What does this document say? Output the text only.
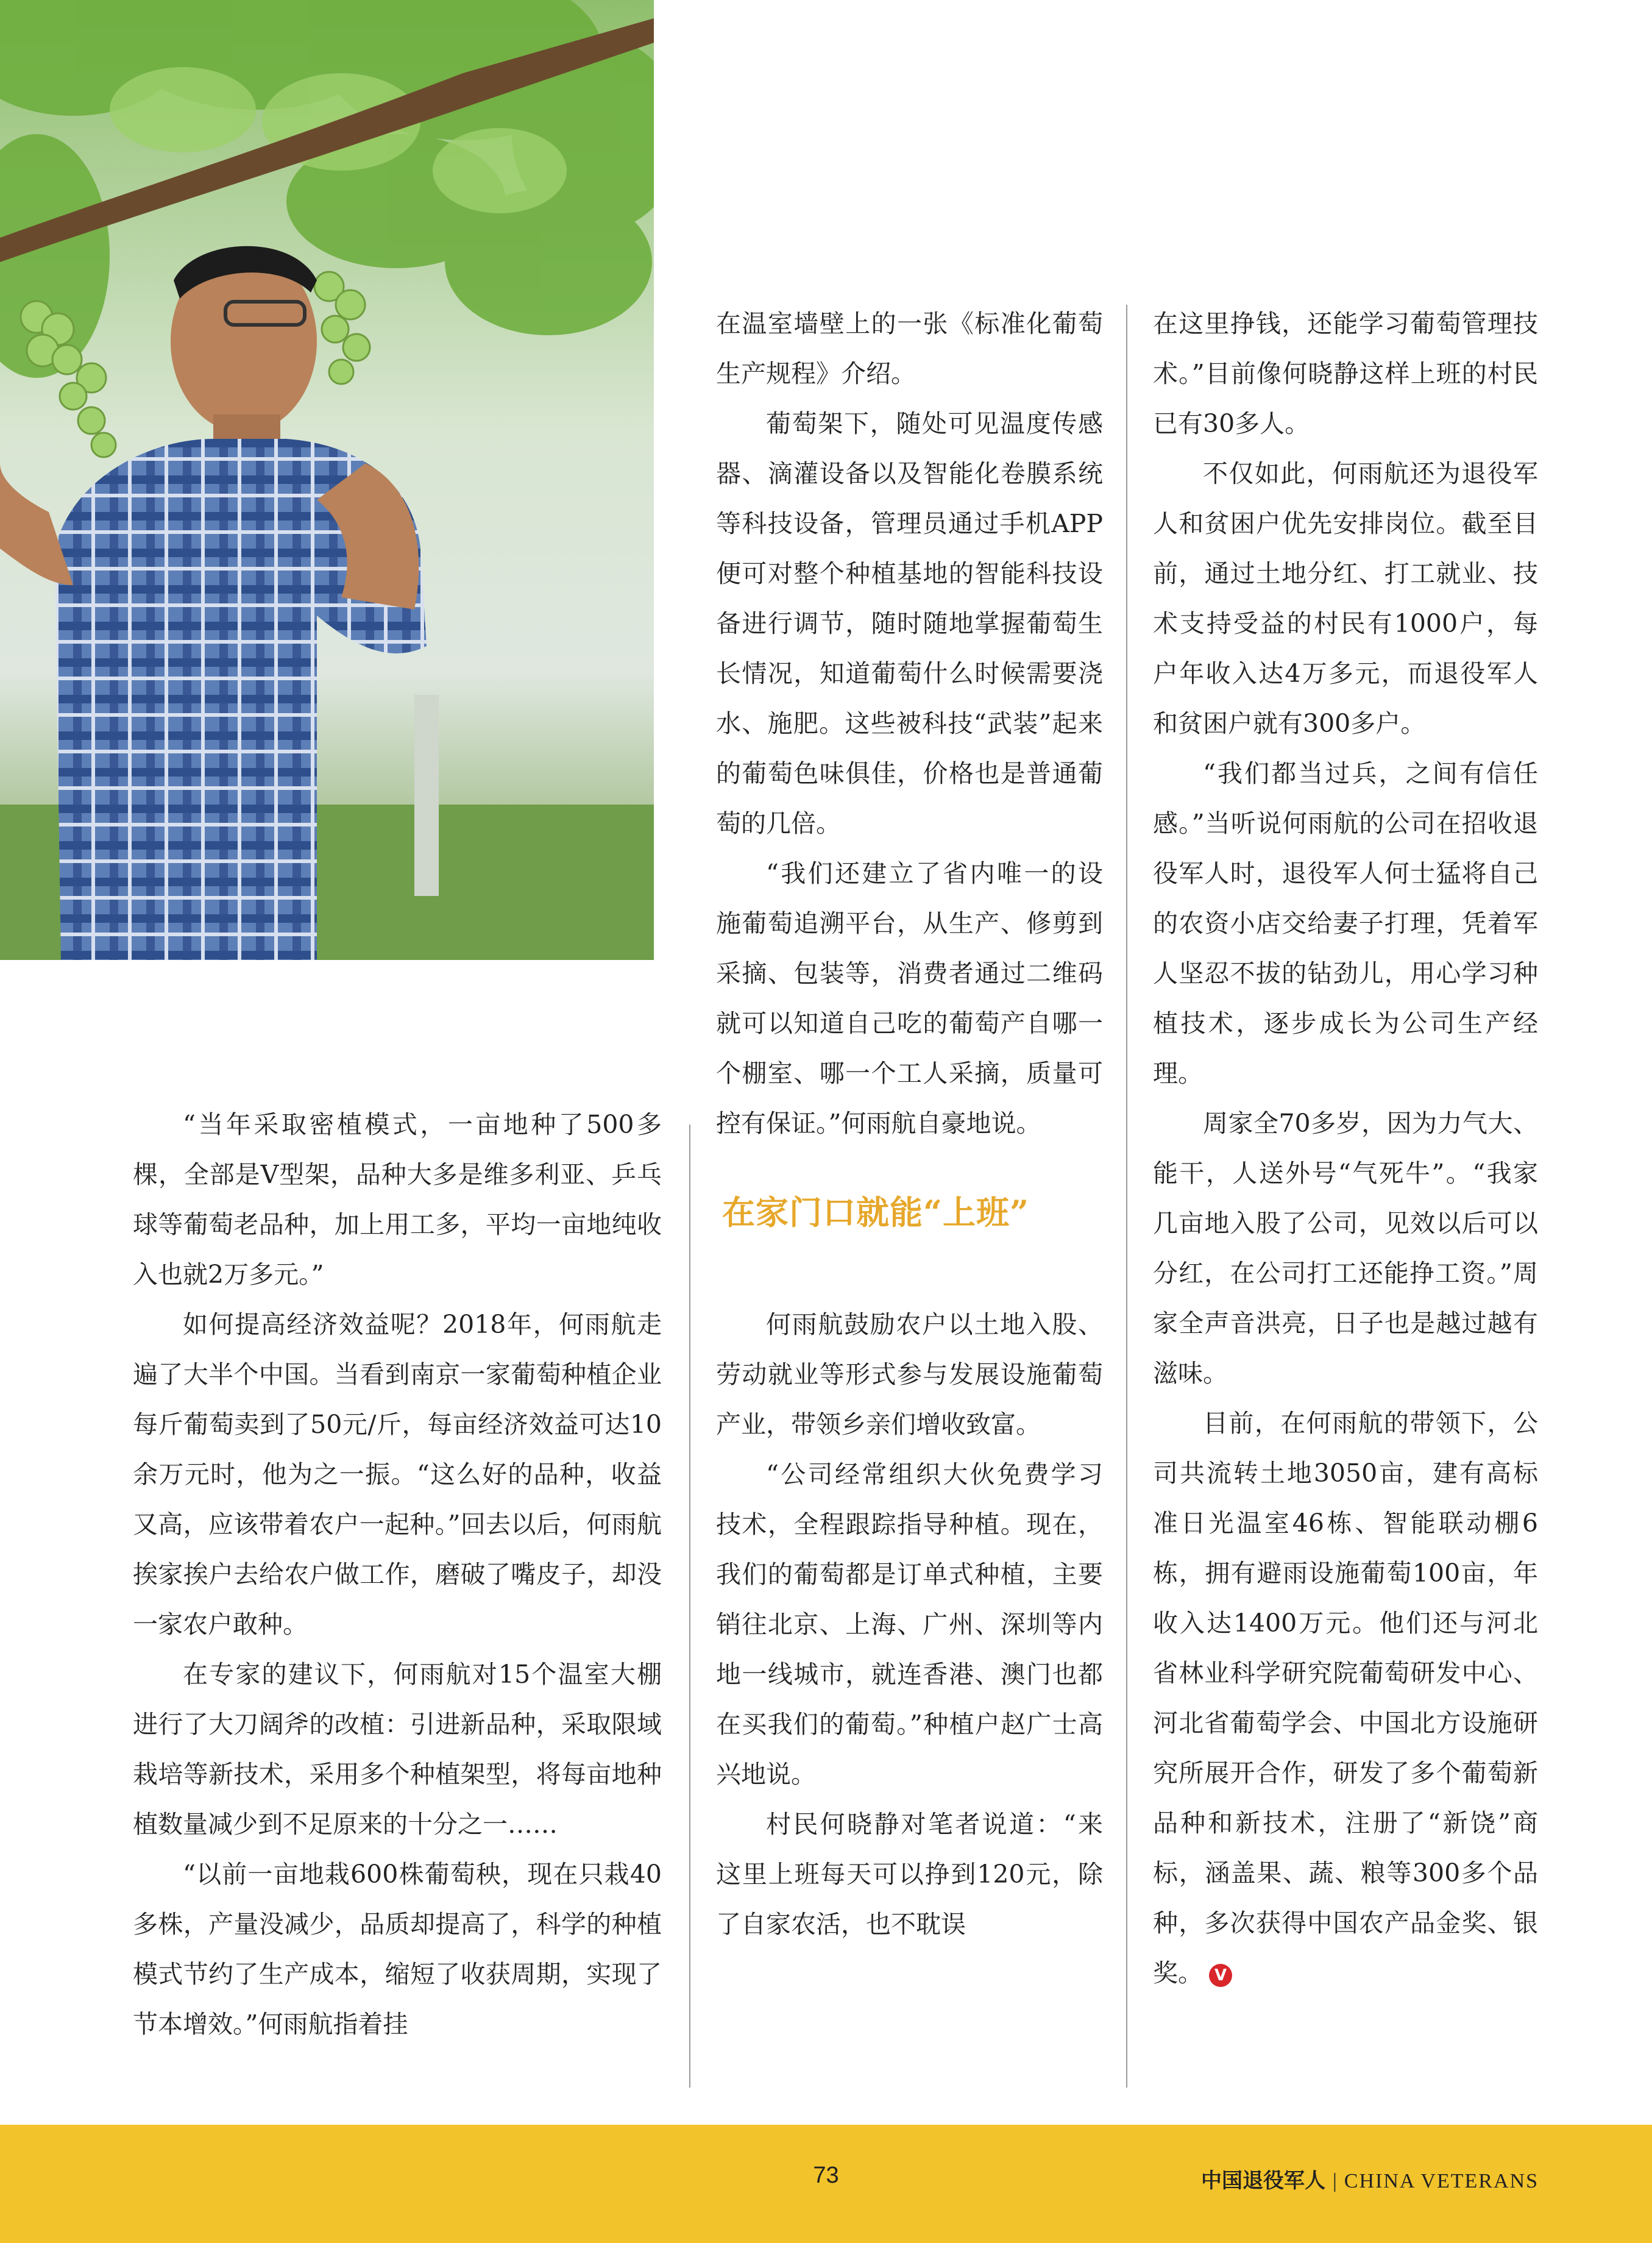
“当年采取密植模式，一亩地种了500多棵，全部是V型架，品种大多是维多利亚、乒乓球等葡萄老品种，加上用工多，平均一亩地纯收入也就2万多元。”

如何提高经济效益呢？2018年，何雨航走遍了大半个中国。当看到南京一家葡萄种植企业每斤葡萄卖到了50元/斤，每亩经济效益可达10余万元时，他为之一振。“这么好的品种，收益又高，应该带着农户一起种。”回去以后，何雨航挨家挨户去给农户做工作，磨破了嘴皮子，却没一家农户敢种。

在专家的建议下，何雨航对15个温室大棚进行了大刀阔斧的改植：引进新品种，采取限域栽培等新技术，采用多个种植架型，将每亩地种植数量减少到不足原来的十分之一……

“以前一亩地栽600株葡萄秧，现在只栽40多株，产量没减少，品质却提高了，科学的种植模式节约了生产成本，缩短了收获周期，实现了节本增效。”何雨航指着挂

在温室墙壁上的一张《标准化葡萄生产规程》介绍。

葡萄架下，随处可见温度传感器、滴灌设备以及智能化卷膜系统等科技设备，管理员通过手机APP便可对整个种植基地的智能科技设备进行调节，随时随地掌握葡萄生长情况，知道葡萄什么时候需要浇水、施肥。这些被科技“武装”起来的葡萄色味俱佳，价格也是普通葡萄的几倍。

“我们还建立了省内唯一的设施葡萄追溯平台，从生产、修剪到采摘、包装等，消费者通过二维码就可以知道自己吃的葡萄产自哪一个棚室、哪一个工人采摘，质量可控有保证。”何雨航自豪地说。

在家门口就能“上班”

何雨航鼓励农户以土地入股、劳动就业等形式参与发展设施葡萄产业，带领乡亲们增收致富。

“公司经常组织大伙免费学习技术，全程跟踪指导种植。现在，我们的葡萄都是订单式种植，主要销往北京、上海、广州、深圳等内地一线城市，就连香港、澳门也都在买我们的葡萄。”种植户赵广士高兴地说。

村民何晓静对笔者说道：“来这里上班每天可以挣到120元，除了自家农活，也不耽误

在这里挣钱，还能学习葡萄管理技术。”目前像何晓静这样上班的村民已有30多人。

不仅如此，何雨航还为退役军人和贫困户优先安排岗位。截至目前，通过土地分红、打工就业、技术支持受益的村民有1000户，每户年收入达4万多元，而退役军人和贫困户就有300多户。

“我们都当过兵，之间有信任感。”当听说何雨航的公司在招收退役军人时，退役军人何士猛将自己的农资小店交给妻子打理，凭着军人坚忍不拔的钻劲儿，用心学习种植技术，逐步成长为公司生产经理。

周家全70多岁，因为力气大、能干，人送外号“气死牛”。“我家几亩地入股了公司，见效以后可以分红，在公司打工还能挣工资。”周家全声音洪亮，日子也是越过越有滋味。

目前，在何雨航的带领下，公司共流转土地3050亩，建有高标准日光温室46栋、智能联动棚6栋，拥有避雨设施葡萄100亩，年收入达1400万元。他们还与河北省林业科学研究院葡萄研发中心、河北省葡萄学会、中国北方设施研究所展开合作，研发了多个葡萄新品种和新技术，注册了“新饶”商标，涵盖果、蔬、粮等300多个品种，多次获得中国农产品金奖、银奖。 V

73	中国退役军人 | CHINA VETERANS
